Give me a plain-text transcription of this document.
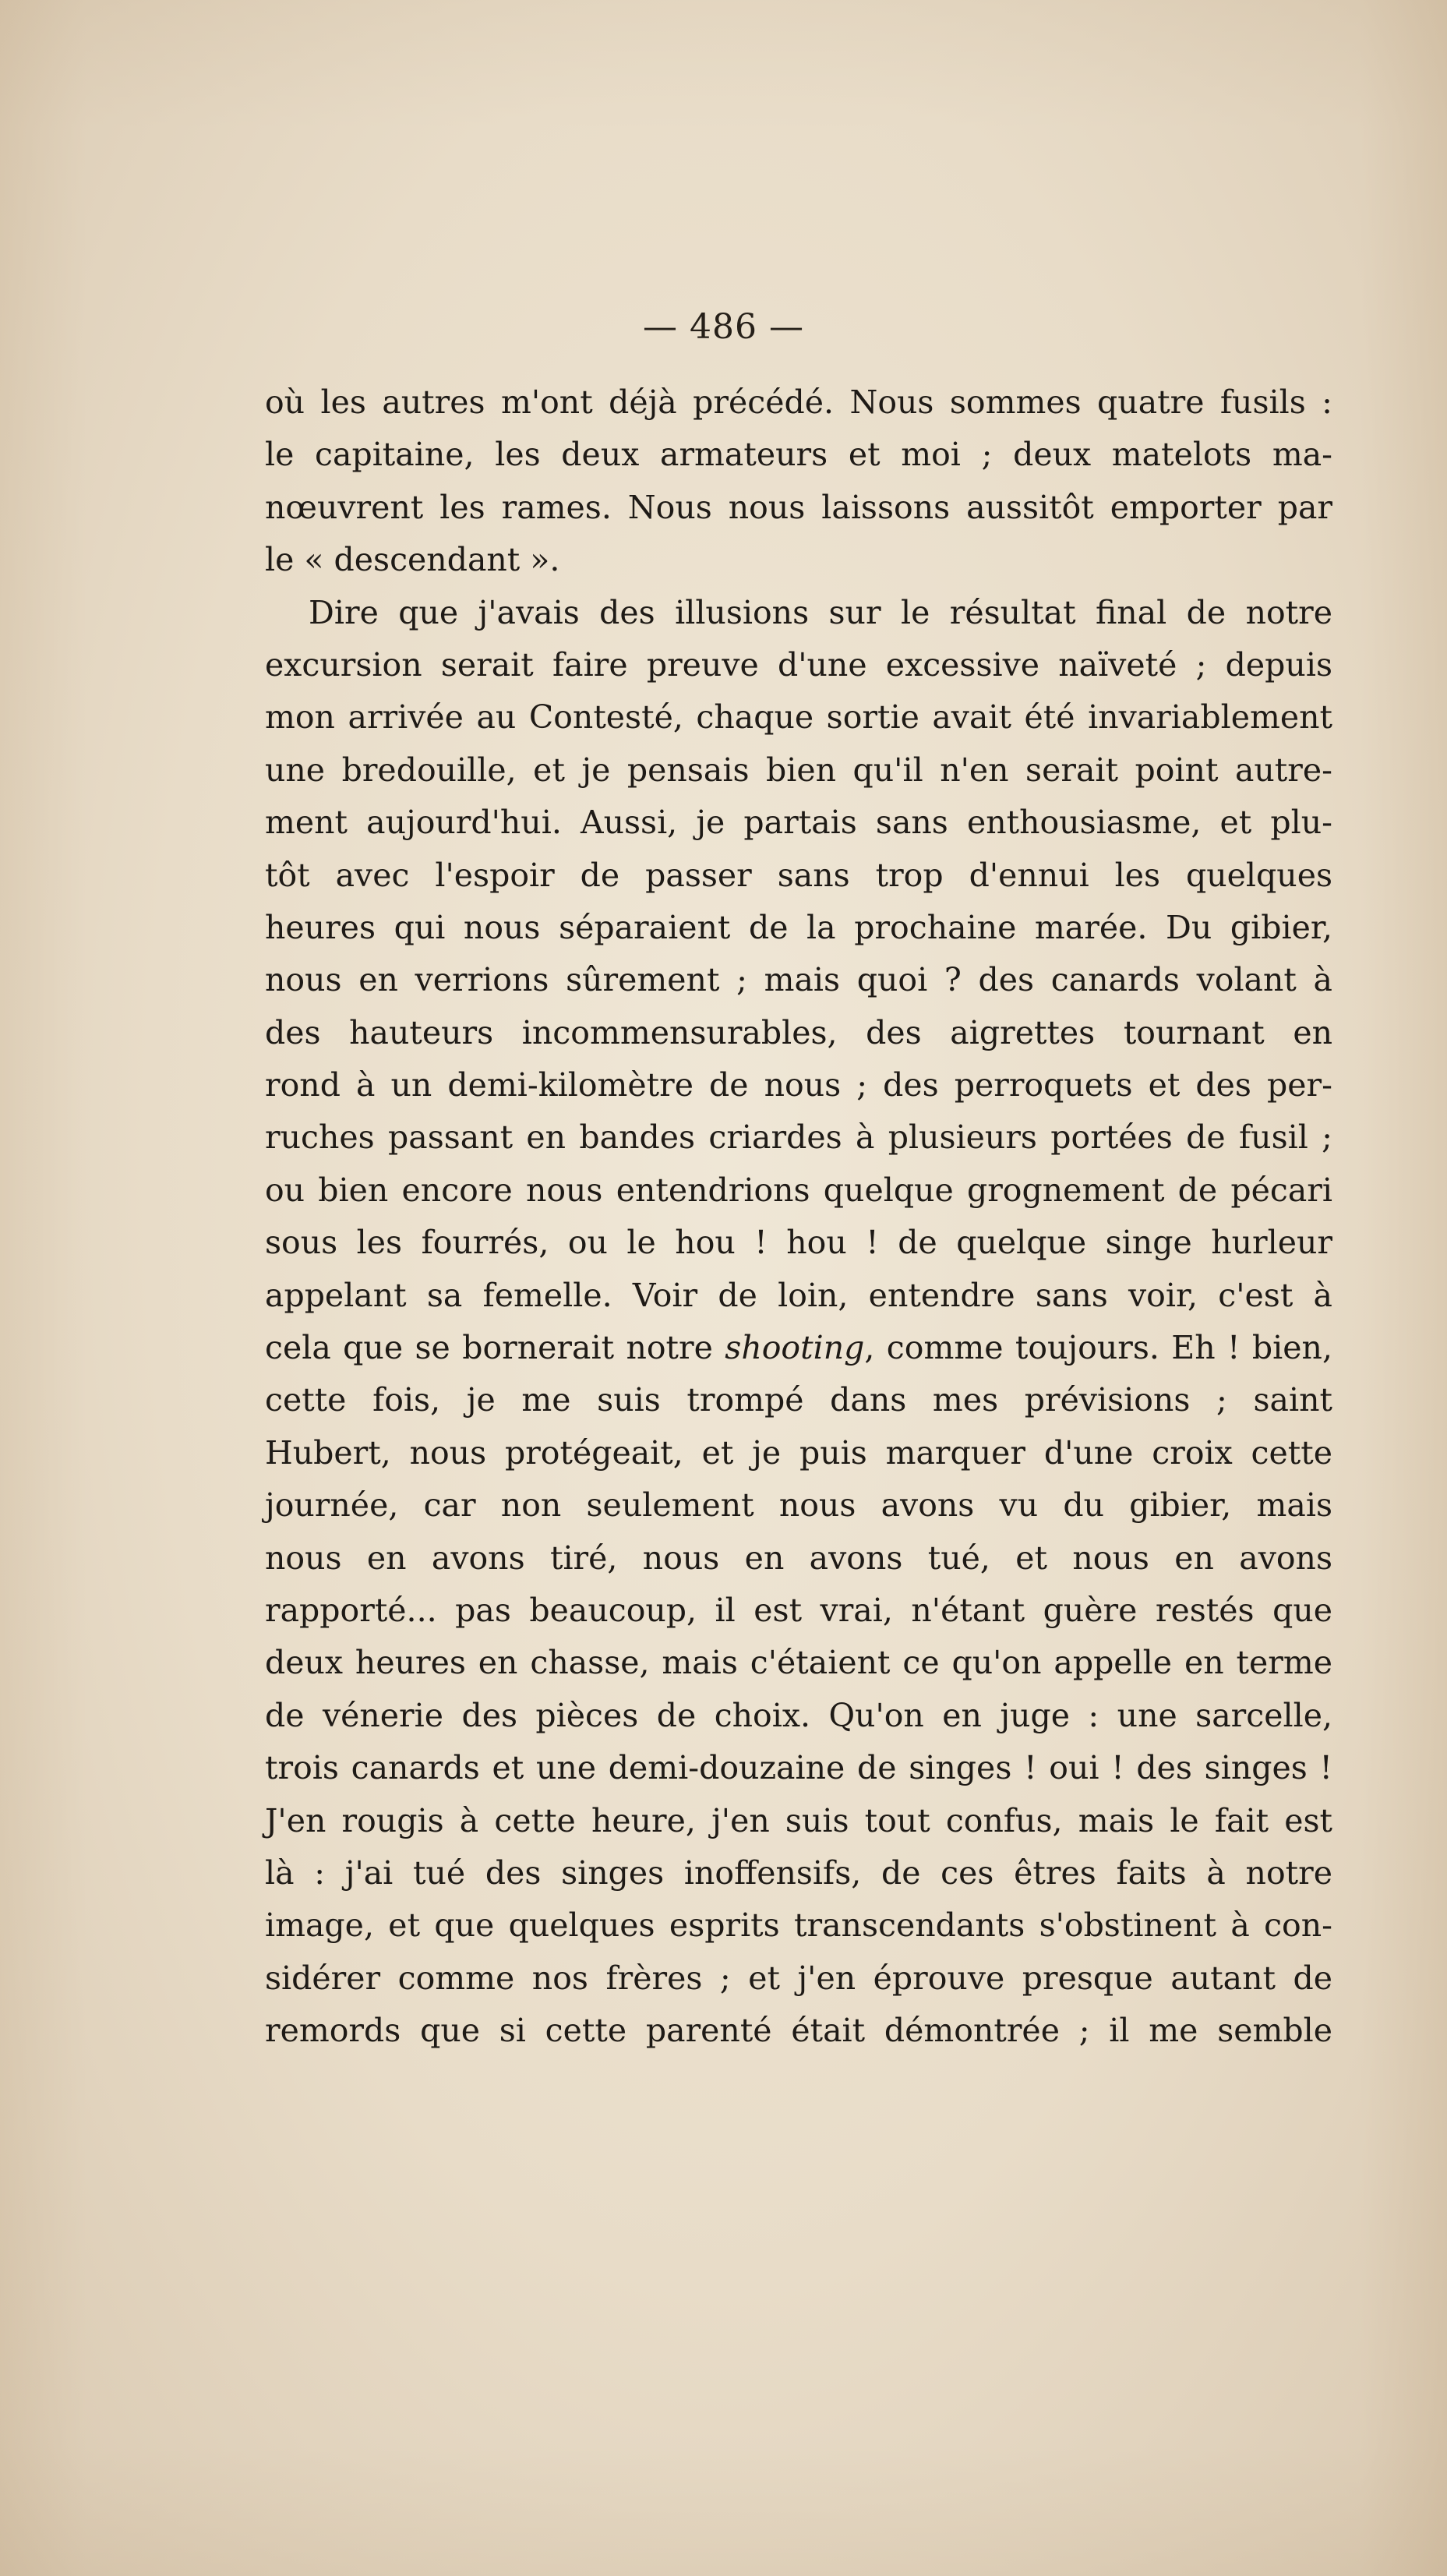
— 486 —
où les autres m'ont déjà précédé. Nous sommes quatre fusils :
le capitaine, les deux armateurs et moi ; deux matelots ma-
nœuvrent les rames. Nous nous laissons aussitôt emporter par
le « descendant ».
Dire que j'avais des illusions sur le résultat final de notre
excursion serait faire preuve d'une excessive naïveté ; depuis
mon arrivée au Contesté, chaque sortie avait été invariablement
une bredouille, et je pensais bien qu'il n'en serait point autre-
ment aujourd'hui. Aussi, je partais sans enthousiasme, et plu-
tôt avec l'espoir de passer sans trop d'ennui les quelques
heures qui nous séparaient de la prochaine marée. Du gibier,
nous en verrions sûrement ; mais quoi ? des canards volant à
des hauteurs incommensurables, des aigrettes tournant en
rond à un demi-kilomètre de nous ; des perroquets et des per-
ruches passant en bandes criardes à plusieurs portées de fusil ;
ou bien encore nous entendrions quelque grognement de pécari
sous les fourrés, ou le hou ! hou ! de quelque singe hurleur
appelant sa femelle. Voir de loin, entendre sans voir, c'est à
cela que se bornerait notre shooting, comme toujours. Eh ! bien,
cette fois, je me suis trompé dans mes prévisions ; saint
Hubert, nous protégeait, et je puis marquer d'une croix cette
journée, car non seulement nous avons vu du gibier, mais
nous en avons tiré, nous en avons tué, et nous en avons
rapporté... pas beaucoup, il est vrai, n'étant guère restés que
deux heures en chasse, mais c'étaient ce qu'on appelle en terme
de vénerie des pièces de choix. Qu'on en juge : une sarcelle,
trois canards et une demi-douzaine de singes ! oui ! des singes !
J'en rougis à cette heure, j'en suis tout confus, mais le fait est
là : j'ai tué des singes inoffensifs, de ces êtres faits à notre
image, et que quelques esprits transcendants s'obstinent à con-
sidérer comme nos frères ; et j'en éprouve presque autant de
remords que si cette parenté était démontrée ; il me semble
